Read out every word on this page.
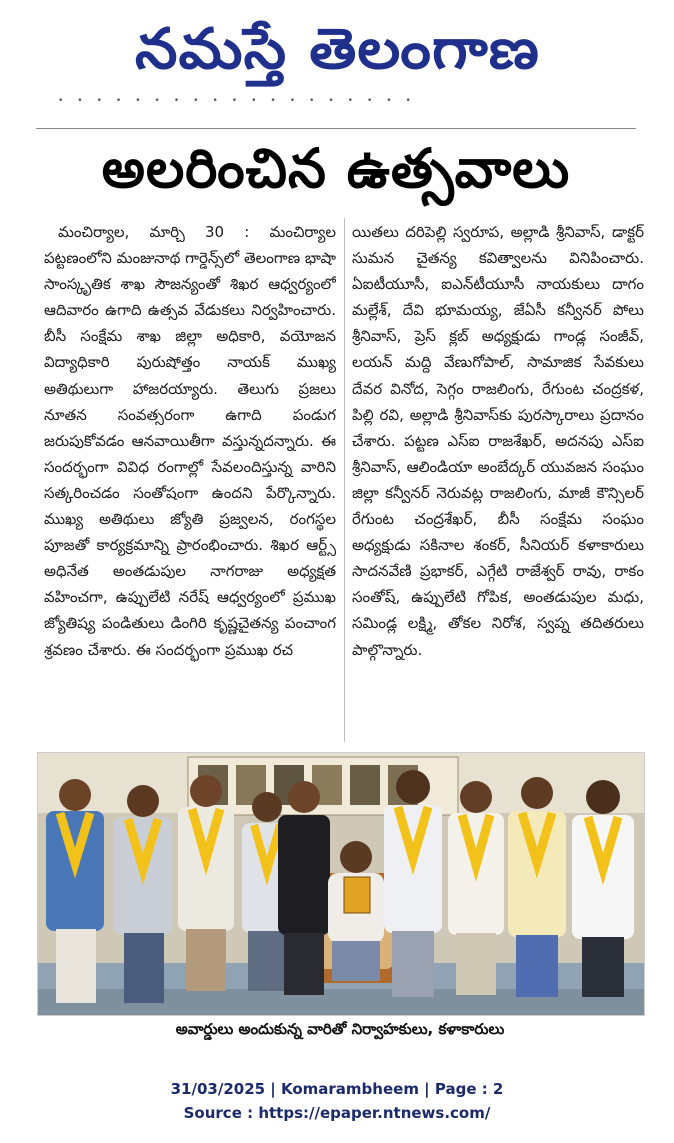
నమస్తే తెలంగాణ
•••••••••••••••••••
అలరించిన ఉత్సవాలు
మంచిర్యాల, మార్చి 30 : మంచిర్యాల పట్టణంలోని మంజునాథ గార్డెన్స్‌లో తెలంగాణ భాషా సాంస్కృతిక శాఖ సౌజన్యంతో శిఖర ఆధ్వర్యంలో ఆదివారం ఉగాది ఉత్సవ వేడుకలు నిర్వహించారు. బీసీ సంక్షేమ శాఖ జిల్లా అధికారి, వయోజన విద్యాధికారి పురుషోత్తం నాయక్ ముఖ్య అతిథులుగా హాజరయ్యారు. తెలుగు ప్రజలు నూతన సంవత్సరంగా ఉగాది పండుగ జరుపుకోవడం ఆనవాయితీగా వస్తున్నదన్నారు. ఈ సందర్భంగా వివిధ రంగాల్లో సేవలందిస్తున్న వారిని సత్కరించడం సంతోషంగా ఉందని పేర్కొన్నారు. ముఖ్య అతిథులు జ్యోతి ప్రజ్వలన, రంగస్థల పూజతో కార్యక్రమాన్ని ప్రారంభించారు. శిఖర ఆర్ట్స్ అధినేత అంతడుపుల నాగరాజు అధ్యక్షత వహించగా, ఉప్పులేటి నరేష్ ఆధ్వర్యంలో ప్రముఖ జ్యోతిష్య పండితులు డింగిరి కృష్ణచైతన్య పంచాంగ శ్రవణం చేశారు. ఈ సందర్భంగా ప్రముఖ రచ
యితలు దరిపెల్లి స్వరూప, అల్లాడి శ్రీనివాస్, డాక్టర్ సుమన చైతన్య కవిత్వాలను వినిపించారు. ఏఐటీయూసీ, ఐఎన్‌టీయూసీ నాయకులు దాగం మల్లేశ్, దేవి భూమయ్య, జేఏసీ కన్వీనర్ పోలు శ్రీనివాస్, ప్రెస్ క్లబ్ అధ్యక్షుడు గాండ్ల సంజీవ్, లయన్ మద్ది వేణుగోపాల్, సామాజిక సేవకులు దేవర వినోద, సెగ్గం రాజలింగు, రేగుంట చంద్రకళ, పిల్లి రవి, అల్లాడి శ్రీనివాస్‌కు పురస్కారాలు ప్రదానం చేశారు. పట్టణ ఎస్ఐ రాజశేఖర్, అదనపు ఎస్ఐ శ్రీనివాస్, ఆలిండియా అంబేద్కర్ యువజన సంఘం జిల్లా కన్వీనర్ నెరువట్ల రాజలింగు, మాజీ కౌన్సిలర్ రేగుంట చంద్రశేఖర్, బీసీ సంక్షేమ సంఘం అధ్యక్షుడు సకినాల శంకర్, సీనియర్ కళాకారులు సాదనవేణి ప్రభాకర్, ఎగ్గేటి రాజేశ్వర్ రావు, రాకం సంతోష్, ఉప్పులేటి గోపిక, అంతడుపుల మధు, సమిండ్ల లక్ష్మి, తోకల నిరోశ, స్వప్న తదితరులు పాల్గొన్నారు.
అవార్డులు అందుకున్న వారితో నిర్వాహకులు, కళాకారులు
31/03/2025 | Komarambheem | Page : 2
Source : https://epaper.ntnews.com/
